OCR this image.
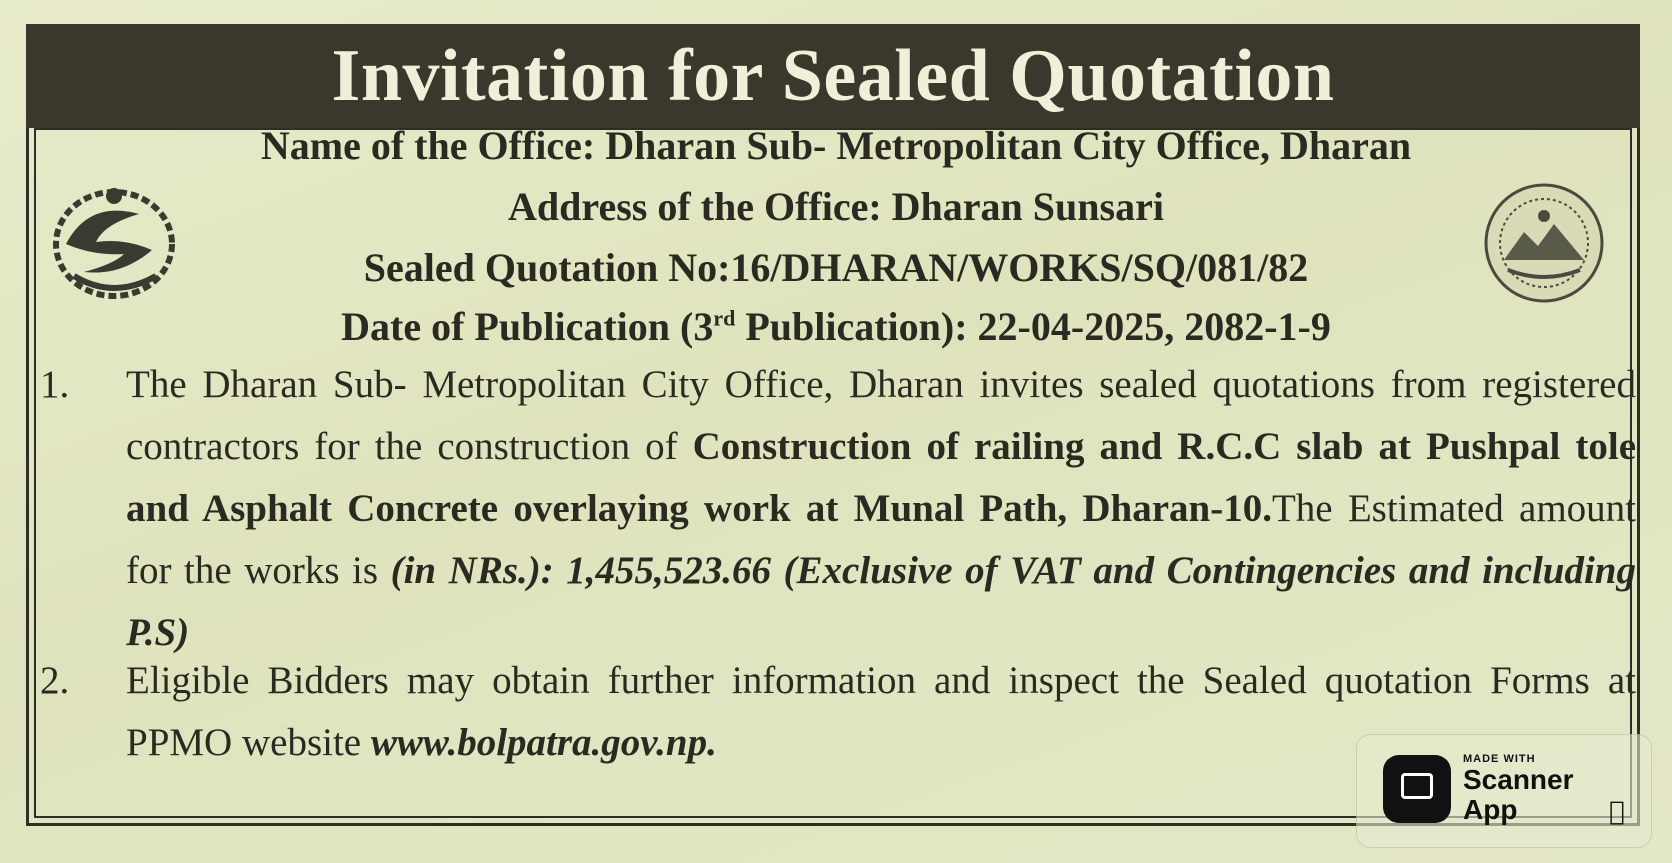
Invitation for Sealed Quotation
Name of the Office: Dharan Sub- Metropolitan City Office, Dharan
Address of the Office: Dharan Sunsari
Sealed Quotation No:16/DHARAN/WORKS/SQ/081/82
Date of Publication (3rd Publication): 22-04-2025, 2082-1-9
1.	The Dharan Sub- Metropolitan City Office, Dharan invites sealed quotations from registered contractors for the construction of Construction of railing and R.C.C slab at Pushpal tole and Asphalt Concrete overlaying work at Munal Path, Dharan-10.The Estimated amount for the works is (in NRs.): 1,455,523.66 (Exclusive of VAT and Contingencies and including P.S)
2.	Eligible Bidders may obtain further information and inspect the Sealed quotation Forms at PPMO website www.bolpatra.gov.np.	MADE WITH
Scanner App
